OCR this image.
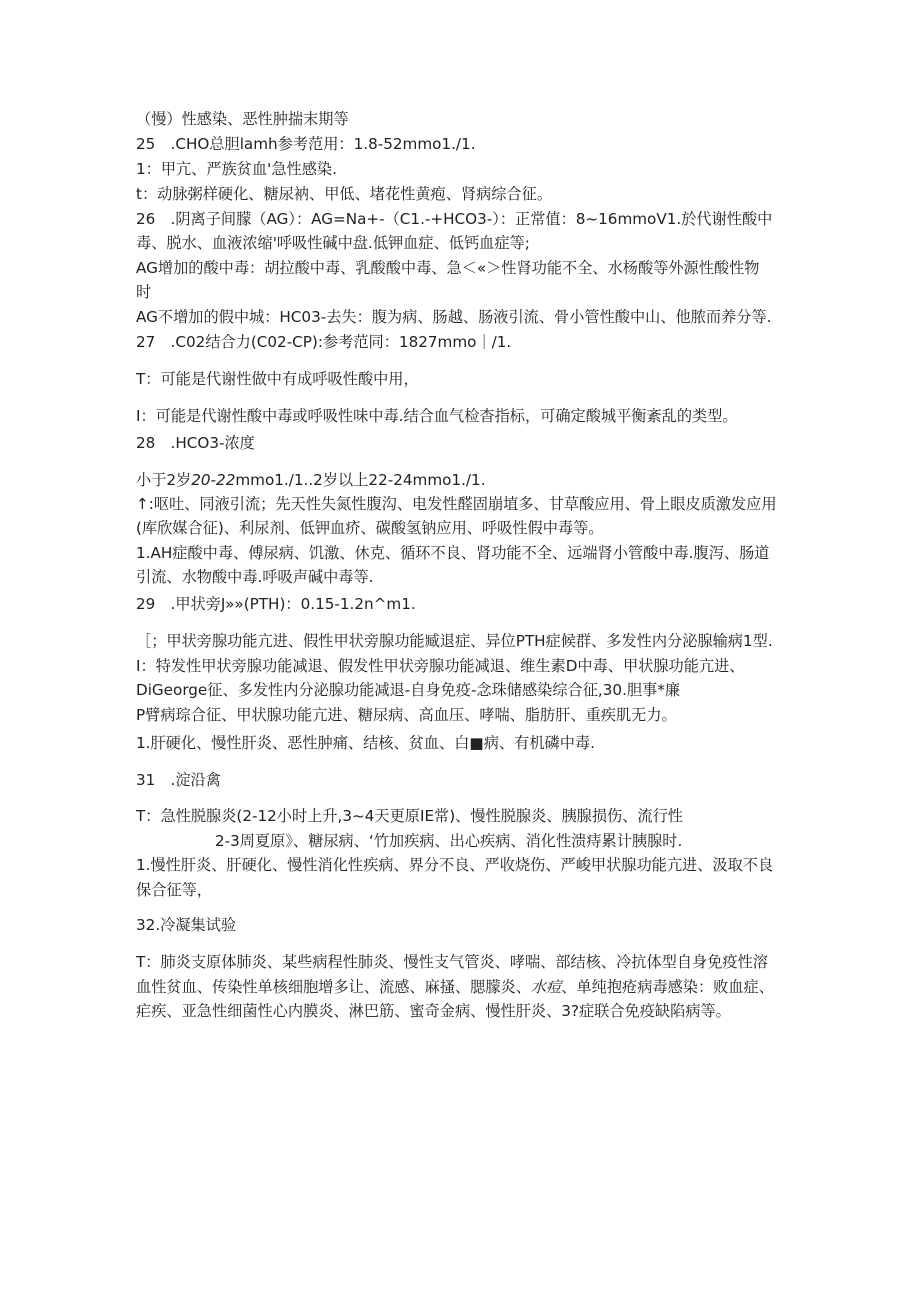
（慢）性感染、恶性肿揣末期等
25　.CHO总胆lamh参考范用：1.8-52mmo1./1.
1：甲亢、严族贫血'急性感染.
t：动脉粥样硬化、糖尿衲、甲低、堵花性黄疱、肾病综合征。
26　.阴离子间朦（AG）：AG=Na+-（C1.-+HCO3-）：正常值：8~16mmoV1.於代谢性酸中
毒、脱水、血液浓缩'呼吸性碱中盘.低钾血症、低钙血症等;
AG增加的酸中毒：胡拉酸中毒、乳酸酸中毒、急＜«＞性肾功能不全、水杨酸等外源性酸性物
时
AG不增加的假中城：HC03-去失：腹为病、肠越、肠液引流、骨小管性酸中山、他脓而养分等.
27　.C02结合力(C02-CP):参考范同：1827mmo｜/1.
T：可能是代谢性做中有成呼吸性酸中用，
I：可能是代谢性酸中毒或呼吸性味中毒.结合血气检杳指标，可确定酸城平衡紊乱的类型。
28　.HCO3-浓度
小于2岁20-22mmo1./1..2岁以上22-24mmo1./1.
↑:呕吐、同液引流；先天性失氮性腹沟、电发性醛固崩埴多、甘草酸应用、骨上眼皮质激发应用
(库欣媒合征)、利尿剂、低钾血疥、碳酸氢钠应用、呼吸性假中毒等。
1.AH症酸中毒、傅尿病、饥激、休克、循环不良、肾功能不全、远端肾小管酸中毒.腹泻、肠道
引流、水物酸中毒.呼吸声碱中毒等.
29　.甲状旁J»»(PTH)：0.15-1.2n^m1.
［；甲状旁腺功能亢进、假性甲状旁腺功能臧退症、异位PTH症候群、多发性内分泌腺输病1型.
I：特发性甲状旁腺功能减退、假发性甲状旁腺功能减退、维生素D中毒、甲状腺功能亢进、
DiGeorge征、多发性内分泌腺功能减退-自身免疫-念珠储感染综合征,30.胆事*廉
P臂病琮合征、甲状腺功能亢进、糖尿病、高血压、哮喘、脂肪肝、重疾肌无力。
1.肝硬化、慢性肝炎、恶性肿痛、结核、贫血、白■病、有机磷中毒.
31　.淀沿禽
T：急性脱腺炎(2-12小时上升,3~4天更原IE常)、慢性脱腺炎、胰腺损伤、流行性
2-3周夏原》、糖尿病、‘竹加疾病、出心疾病、消化性溃痔累计胰腺时.
1.慢性肝炎、肝硬化、慢性消化性疾病、界分不良、严收烧伤、严峻甲状腺功能亢进、汲取不良
保合征等，
32.冷凝集试验
T：肺炎支原体肺炎、某些病程性肺炎、慢性支气管炎、哮喘、部结核、冷抗体型自身免疫性溶
血性贫血、传染性单核细胞增多让、流感、麻搔、腮朦炎、水痘、单纯抱疮病毒感染：败血症、
疟疾、亚急性细菌性心内膜炎、淋巴筋、蜜奇金病、慢性肝炎、3?症联合免疫缺陷病等。
